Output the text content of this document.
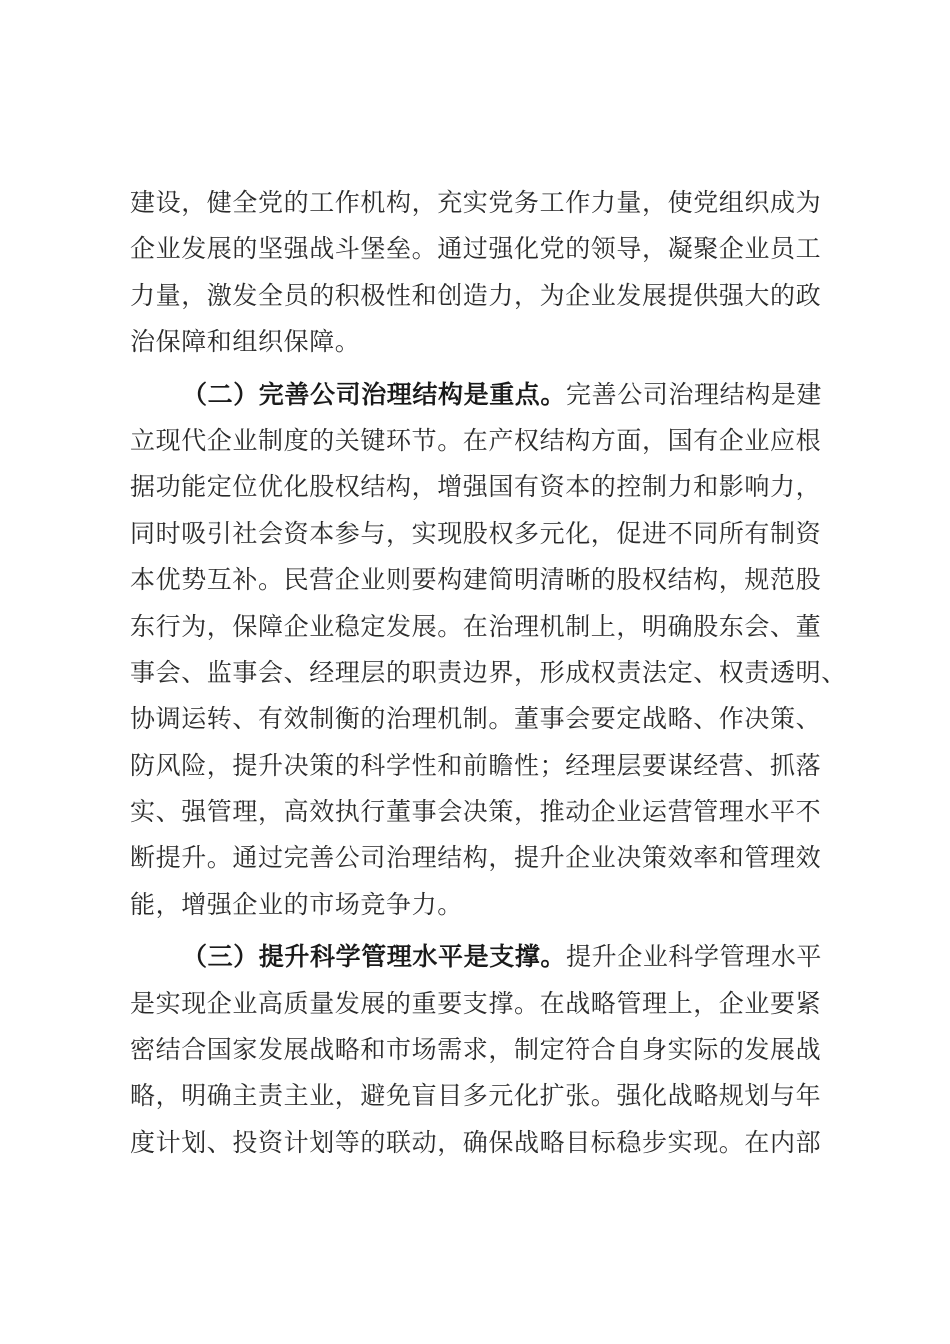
建设，健全党的工作机构，充实党务工作力量，使党组织成为
企业发展的坚强战斗堡垒。通过强化党的领导，凝聚企业员工
力量，激发全员的积极性和创造力，为企业发展提供强大的政
治保障和组织保障。
（二）完善公司治理结构是重点。完善公司治理结构是建
立现代企业制度的关键环节。在产权结构方面，国有企业应根
据功能定位优化股权结构，增强国有资本的控制力和影响力，
同时吸引社会资本参与，实现股权多元化，促进不同所有制资
本优势互补。民营企业则要构建简明清晰的股权结构，规范股
东行为，保障企业稳定发展。在治理机制上，明确股东会、董
事会、监事会、经理层的职责边界，形成权责法定、权责透明、
协调运转、有效制衡的治理机制。董事会要定战略、作决策、
防风险，提升决策的科学性和前瞻性；经理层要谋经营、抓落
实、强管理，高效执行董事会决策，推动企业运营管理水平不
断提升。通过完善公司治理结构，提升企业决策效率和管理效
能，增强企业的市场竞争力。
（三）提升科学管理水平是支撑。提升企业科学管理水平
是实现企业高质量发展的重要支撑。在战略管理上，企业要紧
密结合国家发展战略和市场需求，制定符合自身实际的发展战
略，明确主责主业，避免盲目多元化扩张。强化战略规划与年
度计划、投资计划等的联动，确保战略目标稳步实现。在内部
